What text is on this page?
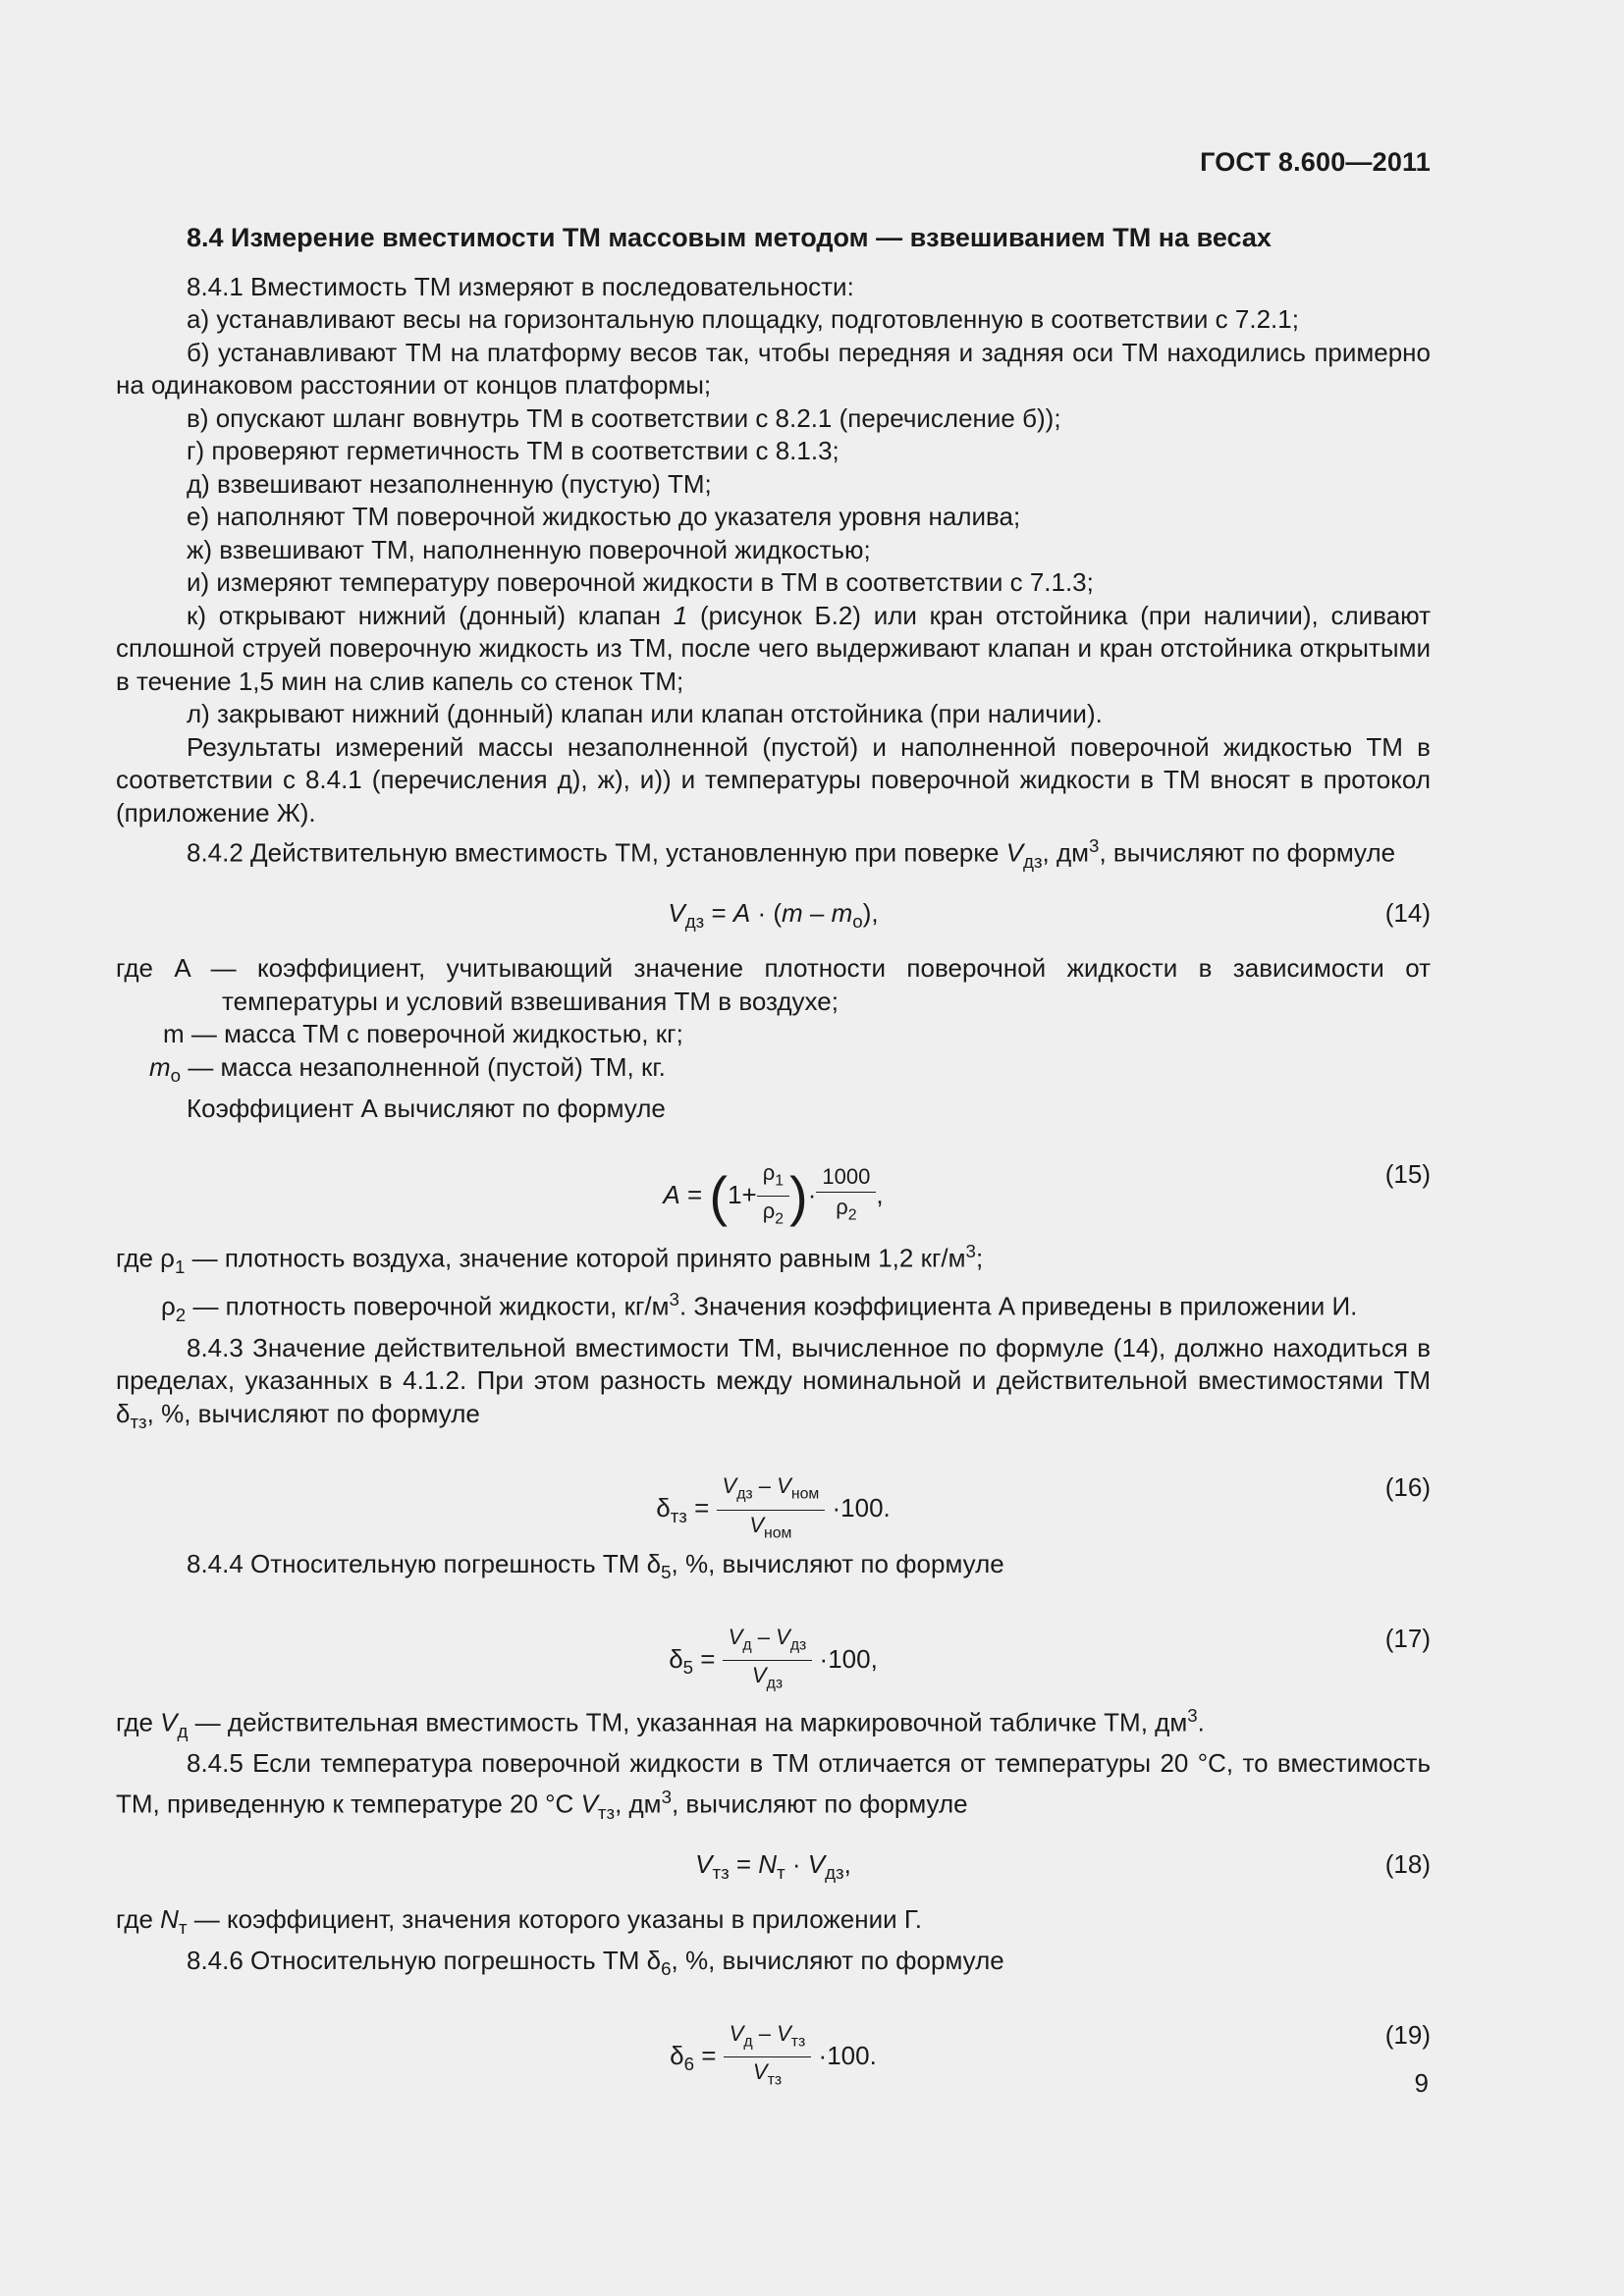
ГОСТ 8.600—2011
8.4 Измерение вместимости ТМ массовым методом — взвешиванием ТМ на весах
8.4.1 Вместимость ТМ измеряют в последовательности:
а) устанавливают весы на горизонтальную площадку, подготовленную в соответствии с 7.2.1;
б) устанавливают ТМ на платформу весов так, чтобы передняя и задняя оси ТМ находились примерно на одинаковом расстоянии от концов платформы;
в) опускают шланг вовнутрь ТМ в соответствии с 8.2.1 (перечисление б));
г) проверяют герметичность ТМ в соответствии с 8.1.3;
д) взвешивают незаполненную (пустую) ТМ;
е) наполняют ТМ поверочной жидкостью до указателя уровня налива;
ж) взвешивают ТМ, наполненную поверочной жидкостью;
и) измеряют температуру поверочной жидкости в ТМ в соответствии с 7.1.3;
к) открывают нижний (донный) клапан 1 (рисунок Б.2) или кран отстойника (при наличии), сливают сплошной струей поверочную жидкость из ТМ, после чего выдерживают клапан и кран отстойника открытыми в течение 1,5 мин на слив капель со стенок ТМ;
л) закрывают нижний (донный) клапан или клапан отстойника (при наличии).
Результаты измерений массы незаполненной (пустой) и наполненной поверочной жидкостью ТМ в соответствии с 8.4.1 (перечисления д), ж), и)) и температуры поверочной жидкости в ТМ вносят в протокол (приложение Ж).
8.4.2 Действительную вместимость ТМ, установленную при поверке $V_{дз}$, $дм^3$, вычисляют по формуле
$V_{дз} = A \cdot (m - m_о)$,	(14)
где A — коэффициент, учитывающий значение плотности поверочной жидкости в зависимости от температуры и условий взвешивания ТМ в воздухе;
m — масса ТМ с поверочной жидкостью, кг;
$m_о$ — масса незаполненной (пустой) ТМ, кг.
Коэффициент A вычисляют по формуле
$A = (1+ \frac{\rho_1}{\rho_2}$ )· $\frac{1000}{\rho_2}$ ,
(15)
где $\rho_1$ — плотность воздуха, значение которой принято равным 1,2 $кг/м^3$;
$\rho_2$ — плотность поверочной жидкости, $кг/м^3$. Значения коэффициента A приведены в приложении И.
8.4.3 Значение действительной вместимости ТМ, вычисленное по формуле (14), должно находиться в пределах, указанных в 4.1.2. При этом разность между номинальной и действительной вместимостями ТМ $\delta_{тз}$, %, вычисляют по формуле
$\delta_{тз} = \frac{V_{дз} - V_{ном}}{V_{ном}} \cdot 100$.
(16)
8.4.4 Относительную погрешность ТМ $\delta_5$, %, вычисляют по формуле
$\delta_5 = \frac{V_д - V_{дз}}{V_{дз}} \cdot 100$,
(17)
где $V_д$ — действительная вместимость ТМ, указанная на маркировочной табличке ТМ, $дм^3$.
8.4.5 Если температура поверочной жидкости в ТМ отличается от температуры 20 °С, то вместимость ТМ, приведенную к температуре 20 °С $V_{тз}$, $дм^3$, вычисляют по формуле
$V_{тз} = N_т \cdot V_{дз}$,	(18)
где $N_т$ — коэффициент, значения которого указаны в приложении Г.
8.4.6 Относительную погрешность ТМ $\delta_6$, %, вычисляют по формуле
$\delta_6 = \frac{V_д - V_{тз}}{V_{тз}} \cdot 100$.
(19)
9
